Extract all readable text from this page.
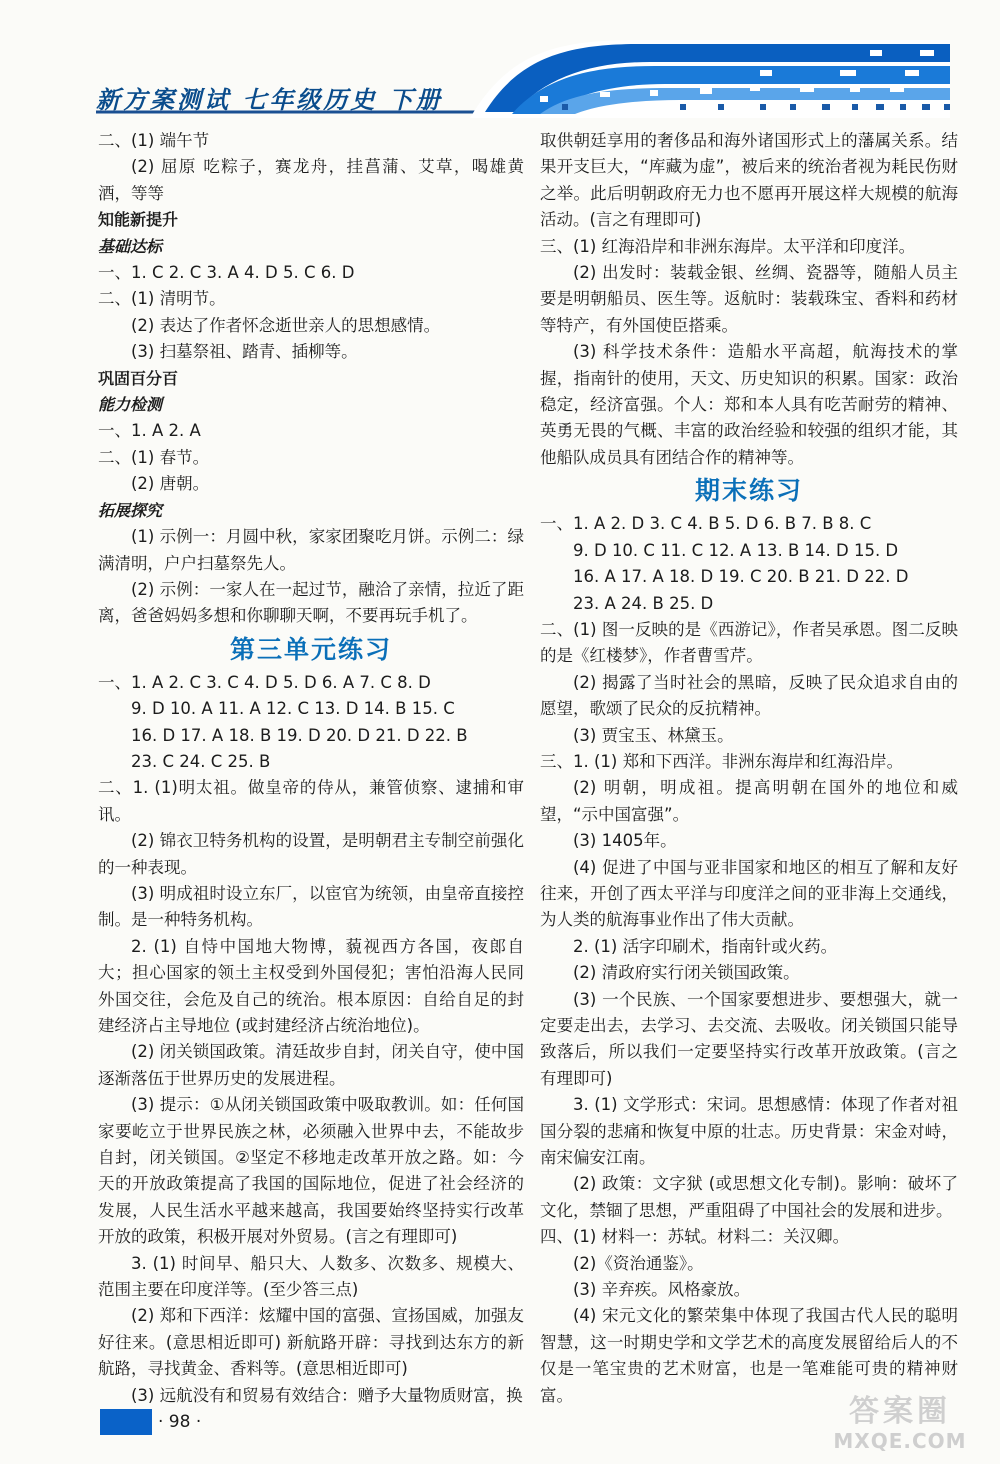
新方案测试 七年级历史 下册

二、(1) 端午节

(2) 屈原 吃粽子，赛龙舟，挂菖蒲、艾草，喝雄黄酒，等等

知能新提升
基础达标

一、1. C 2. C 3. A 4. D 5. C 6. D

二、(1) 清明节。

(2) 表达了作者怀念逝世亲人的思想感情。

(3) 扫墓祭祖、踏青、插柳等。

巩固百分百
能力检测

一、1. A 2. A

二、(1) 春节。

(2) 唐朝。

拓展探究

(1) 示例一：月圆中秋，家家团聚吃月饼。示例二：绿满清明，户户扫墓祭先人。

(2) 示例：一家人在一起过节，融洽了亲情，拉近了距离，爸爸妈妈多想和你聊聊天啊，不要再玩手机了。

第三单元练习

一、1. A 2. C 3. C 4. D 5. D 6. A 7. C 8. D

9. D 10. A 11. A 12. C 13. D 14. B 15. C

16. D 17. A 18. B 19. D 20. D 21. D 22. B

23. C 24. C 25. B

二、1. (1)明太祖。做皇帝的侍从，兼管侦察、逮捕和审讯。

(2) 锦衣卫特务机构的设置，是明朝君主专制空前强化的一种表现。

(3) 明成祖时设立东厂，以宦官为统领，由皇帝直接控制。是一种特务机构。

2. (1) 自恃中国地大物博，藐视西方各国，夜郎自大；担心国家的领土主权受到外国侵犯；害怕沿海人民同外国交往，会危及自己的统治。根本原因：自给自足的封建经济占主导地位 (或封建经济占统治地位)。

(2) 闭关锁国政策。清廷故步自封，闭关自守，使中国逐渐落伍于世界历史的发展进程。

(3) 提示：①从闭关锁国政策中吸取教训。如：任何国家要屹立于世界民族之林，必须融入世界中去，不能故步自封，闭关锁国。②坚定不移地走改革开放之路。如：今天的开放政策提高了我国的国际地位，促进了社会经济的发展，人民生活水平越来越高，我国要始终坚持实行改革开放的政策，积极开展对外贸易。(言之有理即可)

3. (1) 时间早、船只大、人数多、次数多、规模大、范围主要在印度洋等。(至少答三点)

(2) 郑和下西洋：炫耀中国的富强、宣扬国威，加强友好往来。(意思相近即可) 新航路开辟：寻找到达东方的新航路，寻找黄金、香料等。(意思相近即可)

(3) 远航没有和贸易有效结合：赠予大量物质财富，换

取供朝廷享用的奢侈品和海外诸国形式上的藩属关系。结果开支巨大，“库藏为虚”，被后来的统治者视为耗民伤财之举。此后明朝政府无力也不愿再开展这样大规模的航海活动。(言之有理即可)

三、(1) 红海沿岸和非洲东海岸。太平洋和印度洋。

(2) 出发时：装载金银、丝绸、瓷器等，随船人员主要是明朝船员、医生等。返航时：装载珠宝、香料和药材等特产，有外国使臣搭乘。

(3) 科学技术条件：造船水平高超，航海技术的掌握，指南针的使用，天文、历史知识的积累。国家：政治稳定，经济富强。个人：郑和本人具有吃苦耐劳的精神、英勇无畏的气概、丰富的政治经验和较强的组织才能，其他船队成员具有团结合作的精神等。

期末练习

一、1. A 2. D 3. C 4. B 5. D 6. B 7. B 8. C

9. D 10. C 11. C 12. A 13. B 14. D 15. D

16. A 17. A 18. D 19. C 20. B 21. D 22. D

23. A 24. B 25. D

二、(1) 图一反映的是《西游记》，作者吴承恩。图二反映的是《红楼梦》，作者曹雪芹。

(2) 揭露了当时社会的黑暗，反映了民众追求自由的愿望，歌颂了民众的反抗精神。

(3) 贾宝玉、林黛玉。

三、1. (1) 郑和下西洋。非洲东海岸和红海沿岸。

(2) 明朝，明成祖。提高明朝在国外的地位和威望，“示中国富强”。

(3) 1405年。

(4) 促进了中国与亚非国家和地区的相互了解和友好往来，开创了西太平洋与印度洋之间的亚非海上交通线，为人类的航海事业作出了伟大贡献。

2. (1) 活字印刷术，指南针或火药。

(2) 清政府实行闭关锁国政策。

(3) 一个民族、一个国家要想进步、要想强大，就一定要走出去，去学习、去交流、去吸收。闭关锁国只能导致落后，所以我们一定要坚持实行改革开放政策。(言之有理即可)

3. (1) 文学形式：宋词。思想感情：体现了作者对祖国分裂的悲痛和恢复中原的壮志。历史背景：宋金对峙，南宋偏安江南。

(2) 政策：文字狱 (或思想文化专制)。影响：破坏了文化，禁锢了思想，严重阻碍了中国社会的发展和进步。

四、(1) 材料一：苏轼。材料二：关汉卿。

(2)《资治通鉴》。

(3) 辛弃疾。风格豪放。

(4) 宋元文化的繁荣集中体现了我国古代人民的聪明智慧，这一时期史学和文学艺术的高度发展留给后人的不仅是一笔宝贵的艺术财富，也是一笔难能可贵的精神财富。

· 98 ·	答案圈
MXQE.COM
